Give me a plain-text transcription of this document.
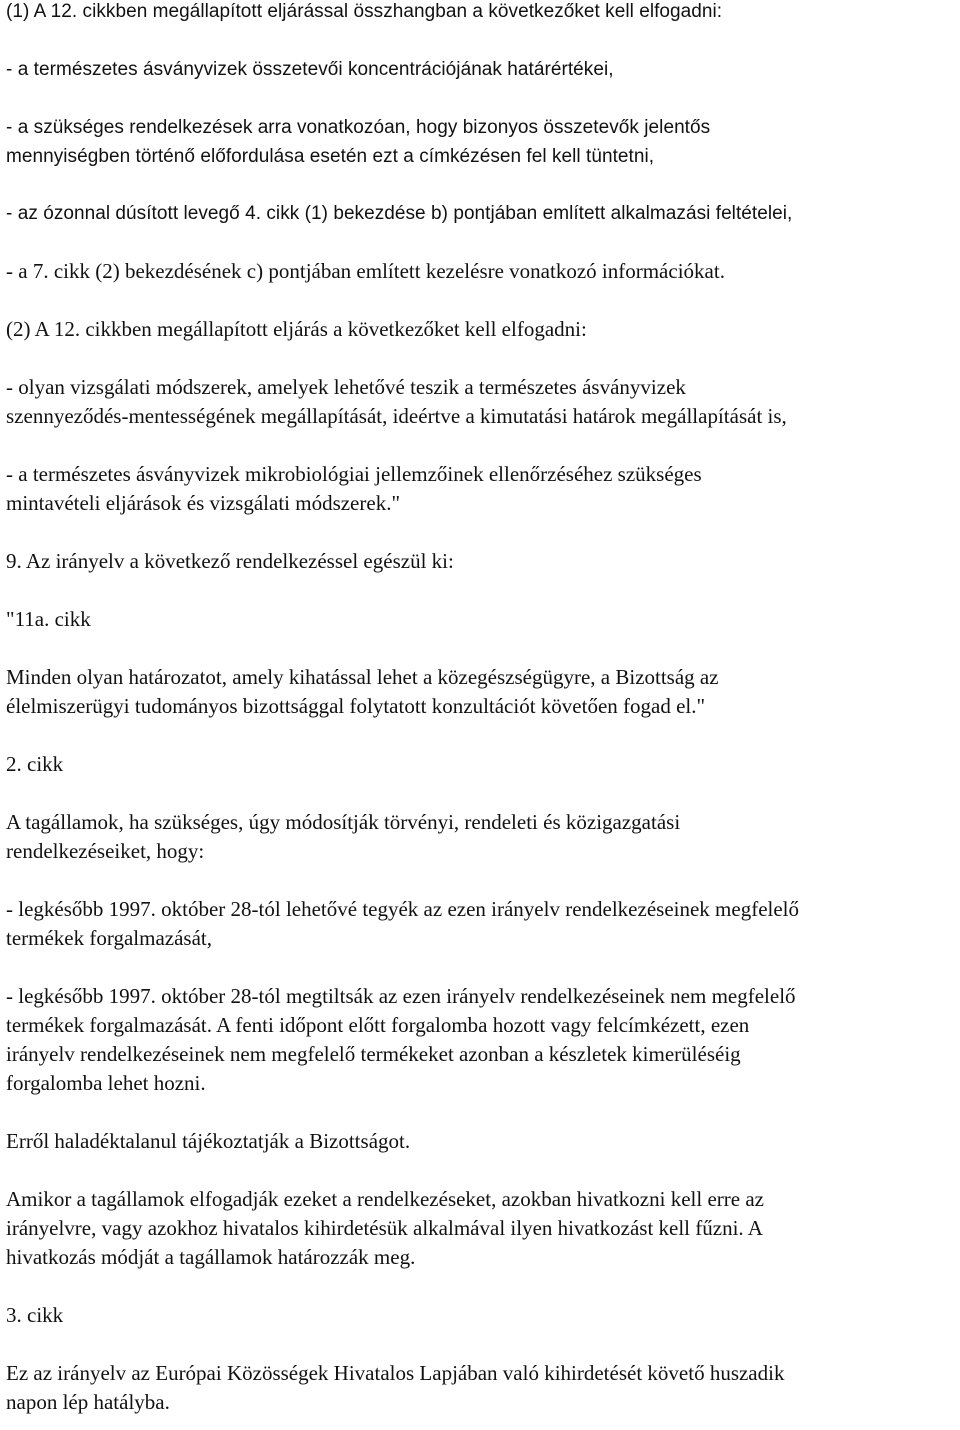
(1) A 12. cikkben megállapított eljárással összhangban a következőket kell elfogadni:

- a természetes ásványvizek összetevői koncentrációjának határértékei,

- a szükséges rendelkezések arra vonatkozóan, hogy bizonyos összetevők jelentős

mennyiségben történő előfordulása esetén ezt a címkézésen fel kell tüntetni,

- az ózonnal dúsított levegő 4. cikk (1) bekezdése b) pontjában említett alkalmazási feltételei,

- a 7. cikk (2) bekezdésének c) pontjában említett kezelésre vonatkozó információkat.

(2) A 12. cikkben megállapított eljárás a következőket kell elfogadni:

- olyan vizsgálati módszerek, amelyek lehetővé teszik a természetes ásványvizek

szennyeződés-mentességének megállapítását, ideértve a kimutatási határok megállapítását is,

- a természetes ásványvizek mikrobiológiai jellemzőinek ellenőrzéséhez szükséges

mintavételi eljárások és vizsgálati módszerek."

9. Az irányelv a következő rendelkezéssel egészül ki:

"11a. cikk

Minden olyan határozatot, amely kihatással lehet a közegészségügyre, a Bizottság az

élelmiszerügyi tudományos bizottsággal folytatott konzultációt követően fogad el."

2. cikk

A tagállamok, ha szükséges, úgy módosítják törvényi, rendeleti és közigazgatási

rendelkezéseiket, hogy:

- legkésőbb 1997. október 28-tól lehetővé tegyék az ezen irányelv rendelkezéseinek megfelelő

termékek forgalmazását,

- legkésőbb 1997. október 28-tól megtiltsák az ezen irányelv rendelkezéseinek nem megfelelő

termékek forgalmazását. A fenti időpont előtt forgalomba hozott vagy felcímkézett, ezen

irányelv rendelkezéseinek nem megfelelő termékeket azonban a készletek kimerüléséig

forgalomba lehet hozni.

Erről haladéktalanul tájékoztatják a Bizottságot.

Amikor a tagállamok elfogadják ezeket a rendelkezéseket, azokban hivatkozni kell erre az

irányelvre, vagy azokhoz hivatalos kihirdetésük alkalmával ilyen hivatkozást kell fűzni. A

hivatkozás módját a tagállamok határozzák meg.

3. cikk

Ez az irányelv az Európai Közösségek Hivatalos Lapjában való kihirdetését követő huszadik

napon lép hatályba.
